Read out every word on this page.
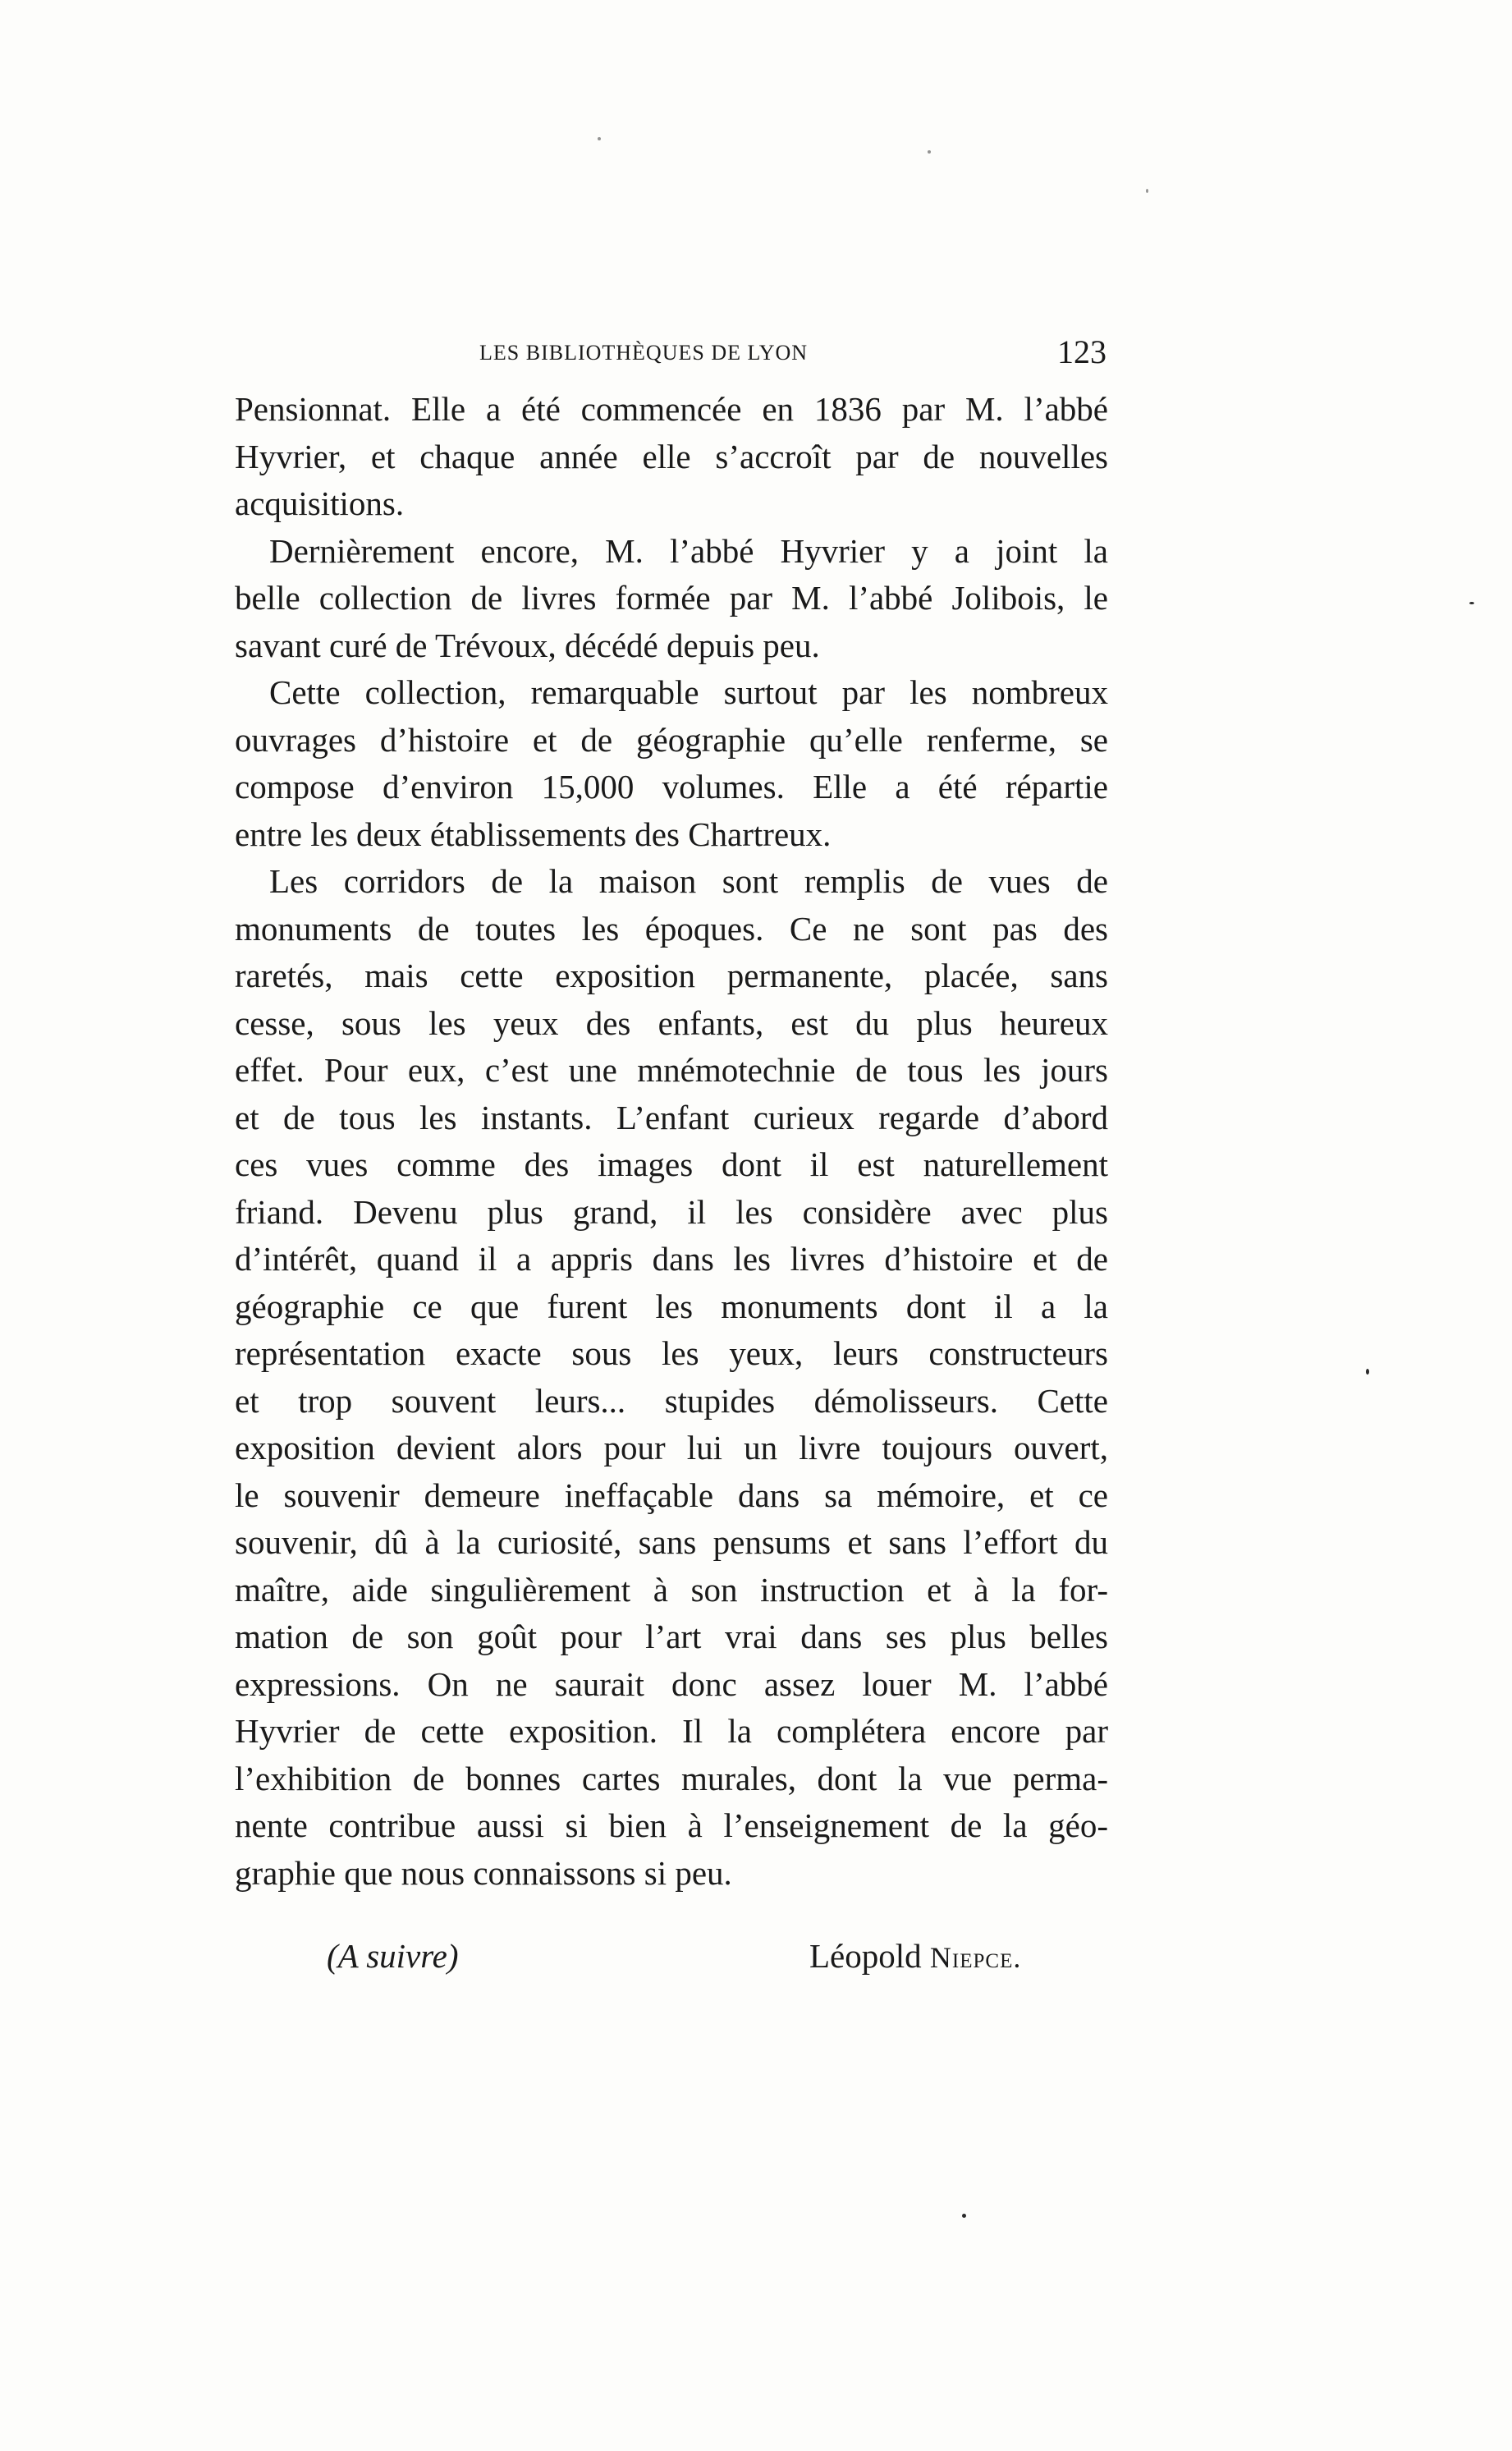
LES BIBLIOTHÈQUES DE LYON	123
Pensionnat. Elle a été commencée en 1836 par M. l’abbé
Hyvrier, et chaque année elle s’accroît par de nouvelles
acquisitions.
Dernièrement encore, M. l’abbé Hyvrier y a joint la
belle collection de livres formée par M. l’abbé Jolibois, le
savant curé de Trévoux, décédé depuis peu.
Cette collection, remarquable surtout par les nombreux
ouvrages d’histoire et de géographie qu’elle renferme, se
compose d’environ 15,000 volumes. Elle a été répartie
entre les deux établissements des Chartreux.
Les corridors de la maison sont remplis de vues de
monuments de toutes les époques. Ce ne sont pas des
raretés, mais cette exposition permanente, placée, sans
cesse, sous les yeux des enfants, est du plus heureux
effet. Pour eux, c’est une mnémotechnie de tous les jours
et de tous les instants. L’enfant curieux regarde d’abord
ces vues comme des images dont il est naturellement
friand. Devenu plus grand, il les considère avec plus
d’intérêt, quand il a appris dans les livres d’histoire et de
géographie ce que furent les monuments dont il a la
représentation exacte sous les yeux, leurs constructeurs
et trop souvent leurs... stupides démolisseurs. Cette
exposition devient alors pour lui un livre toujours ouvert,
le souvenir demeure ineffaçable dans sa mémoire, et ce
souvenir, dû à la curiosité, sans pensums et sans l’effort du
maître, aide singulièrement à son instruction et à la for-
mation de son goût pour l’art vrai dans ses plus belles
expressions. On ne saurait donc assez louer M. l’abbé
Hyvrier de cette exposition. Il la complétera encore par
l’exhibition de bonnes cartes murales, dont la vue perma-
nente contribue aussi si bien à l’enseignement de la géo-
graphie que nous connaissons si peu.
(A suivre)	Léopold Niepce.
